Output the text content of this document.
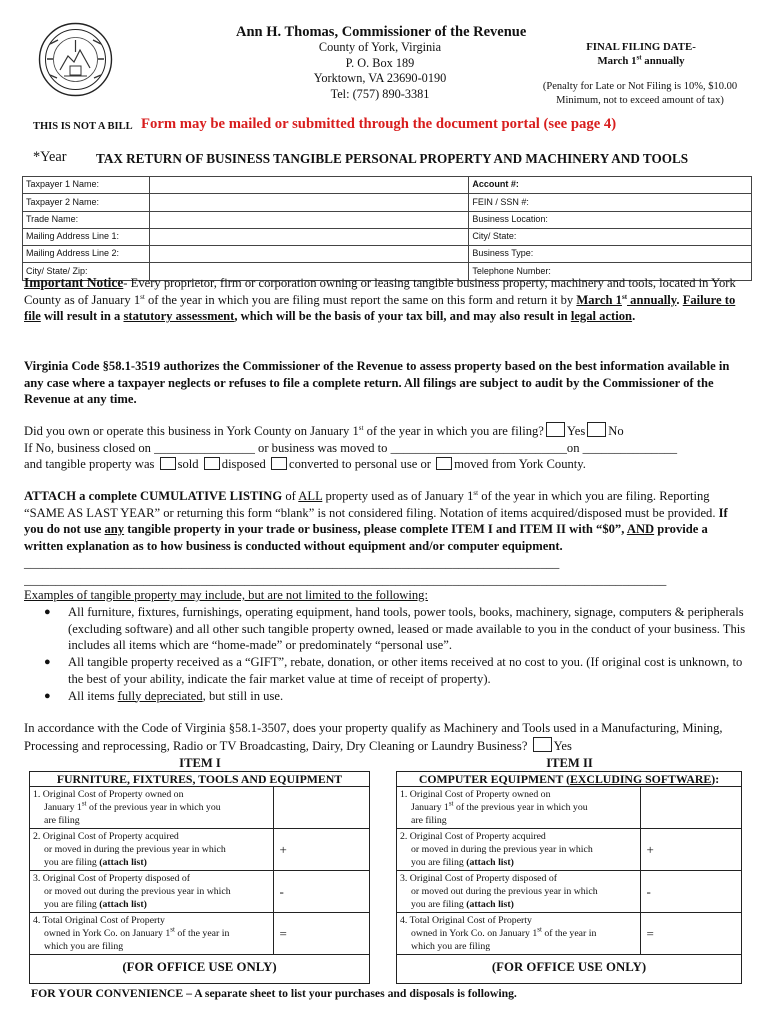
Ann H. Thomas, Commissioner of the Revenue
County of York, Virginia
P. O. Box 189
Yorktown, VA 23690-0190
Tel: (757) 890-3381
FINAL FILING DATE-
March 1st annually
(Penalty for Late or Not Filing is 10%, $10.00
Minimum, not to exceed amount of tax)
THIS IS NOT A BILL Form may be mailed or submitted through the document portal (see page 4)
*Year TAX RETURN OF BUSINESS TANGIBLE PERSONAL PROPERTY AND MACHINERY AND TOOLS
Taxpayer 1 Name:		Account #:
Taxpayer 2 Name:		FEIN / SSN #:
Trade Name:		Business Location:
Mailing Address Line 1:		City/ State:
Mailing Address Line 2:		Business Type:
City/ State/ Zip:		Telephone Number:
Important Notice- Every proprietor, firm or corporation owning or leasing tangible business property, machinery and tools, located in York County as of January 1st of the year in which you are filing must report the same on this form and return it by March 1st annually. Failure to file will result in a statutory assessment, which will be the basis of your tax bill, and may also result in legal action.
Virginia Code §58.1-3519 authorizes the Commissioner of the Revenue to assess property based on the best information available in any case where a taxpayer neglects or refuses to file a complete return. All filings are subject to audit by the Commissioner of the Revenue at any time.
Did you own or operate this business in York County on January 1st of the year in which you are filing? Yes No
If No, business closed on ________________ or business was moved to ____________________________on _______________
and tangible property was sold disposed converted to personal use or moved from York County.
ATTACH a complete CUMULATIVE LISTING of ALL property used as of January 1st of the year in which you are filing. Reporting “SAME AS LAST YEAR” or returning this form “blank” is not considered filing. Notation of items acquired/disposed must be provided. If you do not use any tangible property in your trade or business, please complete ITEM I and ITEM II with “$0”, AND provide a written explanation as to how business is conducted without equipment and/or computer equipment. _____________________________________________________________________________________
______________________________________________________________________________________________________
Examples of tangible property may include, but are not limited to the following:
● All furniture, fixtures, furnishings, operating equipment, hand tools, power tools, books, machinery, signage, computers & peripherals (excluding software) and all other such tangible property owned, leased or made available to you in the conduct of your business. This includes all items which are “home-made” or predominately “personal use”.
● All tangible property received as a “GIFT”, rebate, donation, or other items received at no cost to you. (If original cost is unknown, to the best of your ability, indicate the fair market value at time of receipt of property).
● All items fully depreciated, but still in use.
In accordance with the Code of Virginia §58.1-3507, does your property qualify as Machinery and Tools used in a Manufacturing, Mining, Processing and reprocessing, Radio or TV Broadcasting, Dairy, Dry Cleaning or Laundry Business? Yes
ITEM I	ITEM II
FURNITURE, FIXTURES, TOOLS AND EQUIPMENT
1. Original Cost of Property owned on
January 1st of the previous year in which you
are filing	

2. Original Cost of Property acquired
or moved in during the previous year in which
you are filing (attach list)	+

3. Original Cost of Property disposed of
or moved out during the previous year in which
you are filing (attach list)	-

4. Total Original Cost of Property
owned in York Co. on January 1st of the year in
which you are filing	=
(FOR OFFICE USE ONLY)
COMPUTER EQUIPMENT (EXCLUDING SOFTWARE):
1. Original Cost of Property owned on
January 1st of the previous year in which you
are filing	

2. Original Cost of Property acquired
or moved in during the previous year in which
you are filing (attach list)	+

3. Original Cost of Property disposed of
or moved out during the previous year in which
you are filing (attach list)	-

4. Total Original Cost of Property
owned in York Co. on January 1st of the year in
which you are filing	=
(FOR OFFICE USE ONLY)
FOR YOUR CONVENIENCE – A separate sheet to list your purchases and disposals is following.
